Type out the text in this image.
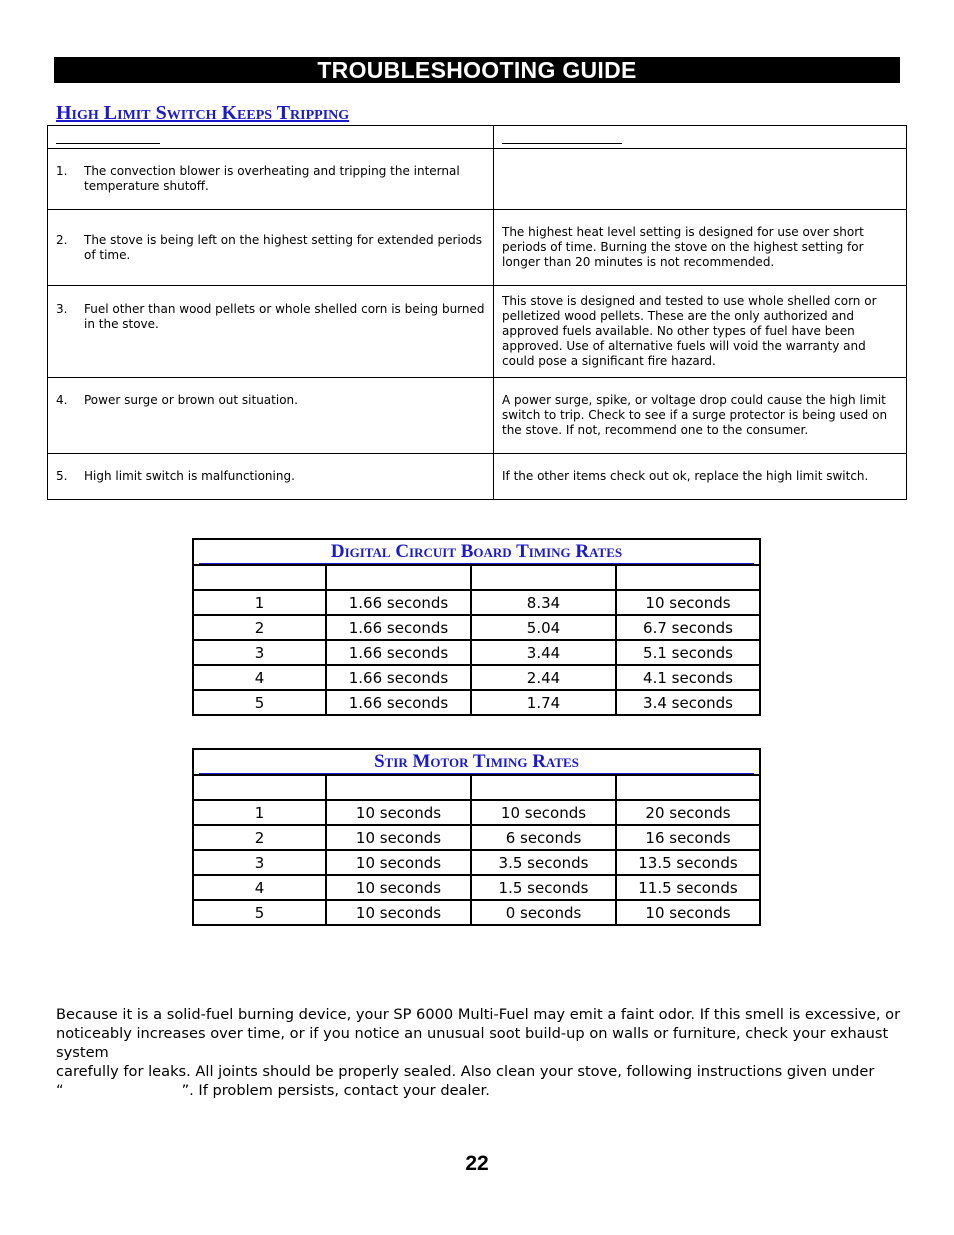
TROUBLESHOOTING GUIDE
High Limit Switch Keeps Tripping

1. The convection blower is overheating and tripping the internal temperature shutoff.	

2. The stove is being left on the highest setting for extended periods of time.	The highest heat level setting is designed for use over short periods of time. Burning the stove on the highest setting for longer than 20 minutes is not recommended.

3. Fuel other than wood pellets or whole shelled corn is being burned in the stove.	This stove is designed and tested to use whole shelled corn or pelletized wood pellets. These are the only authorized and approved fuels available. No other types of fuel have been approved. Use of alternative fuels will void the warranty and could pose a significant fire hazard.

4. Power surge or brown out situation.	A power surge, spike, or voltage drop could cause the high limit switch to trip. Check to see if a surge protector is being used on the stove. If not, recommend one to the consumer.

5. High limit switch is malfunctioning.	If the other items check out ok, replace the high limit switch.
Digital Circuit Board Timing Rates			

1	1.66 seconds	8.34	10 seconds
2	1.66 seconds	5.04	6.7 seconds
3	1.66 seconds	3.44	5.1 seconds
4	1.66 seconds	2.44	4.1 seconds
5	1.66 seconds	1.74	3.4 seconds
Stir Motor Timing Rates			

1	10 seconds	10 seconds	20 seconds
2	10 seconds	6 seconds	16 seconds
3	10 seconds	3.5 seconds	13.5 seconds
4	10 seconds	1.5 seconds	11.5 seconds
5	10 seconds	0 seconds	10 seconds
Because it is a solid-fuel burning device, your SP 6000 Multi-Fuel may emit a faint odor. If this smell is excessive, or
noticeably increases over time, or if you notice an unusual soot build-up on walls or furniture, check your exhaust system
carefully for leaks. All joints should be properly sealed. Also clean your stove, following instructions given under
“	”. If problem persists, contact your dealer.
22
